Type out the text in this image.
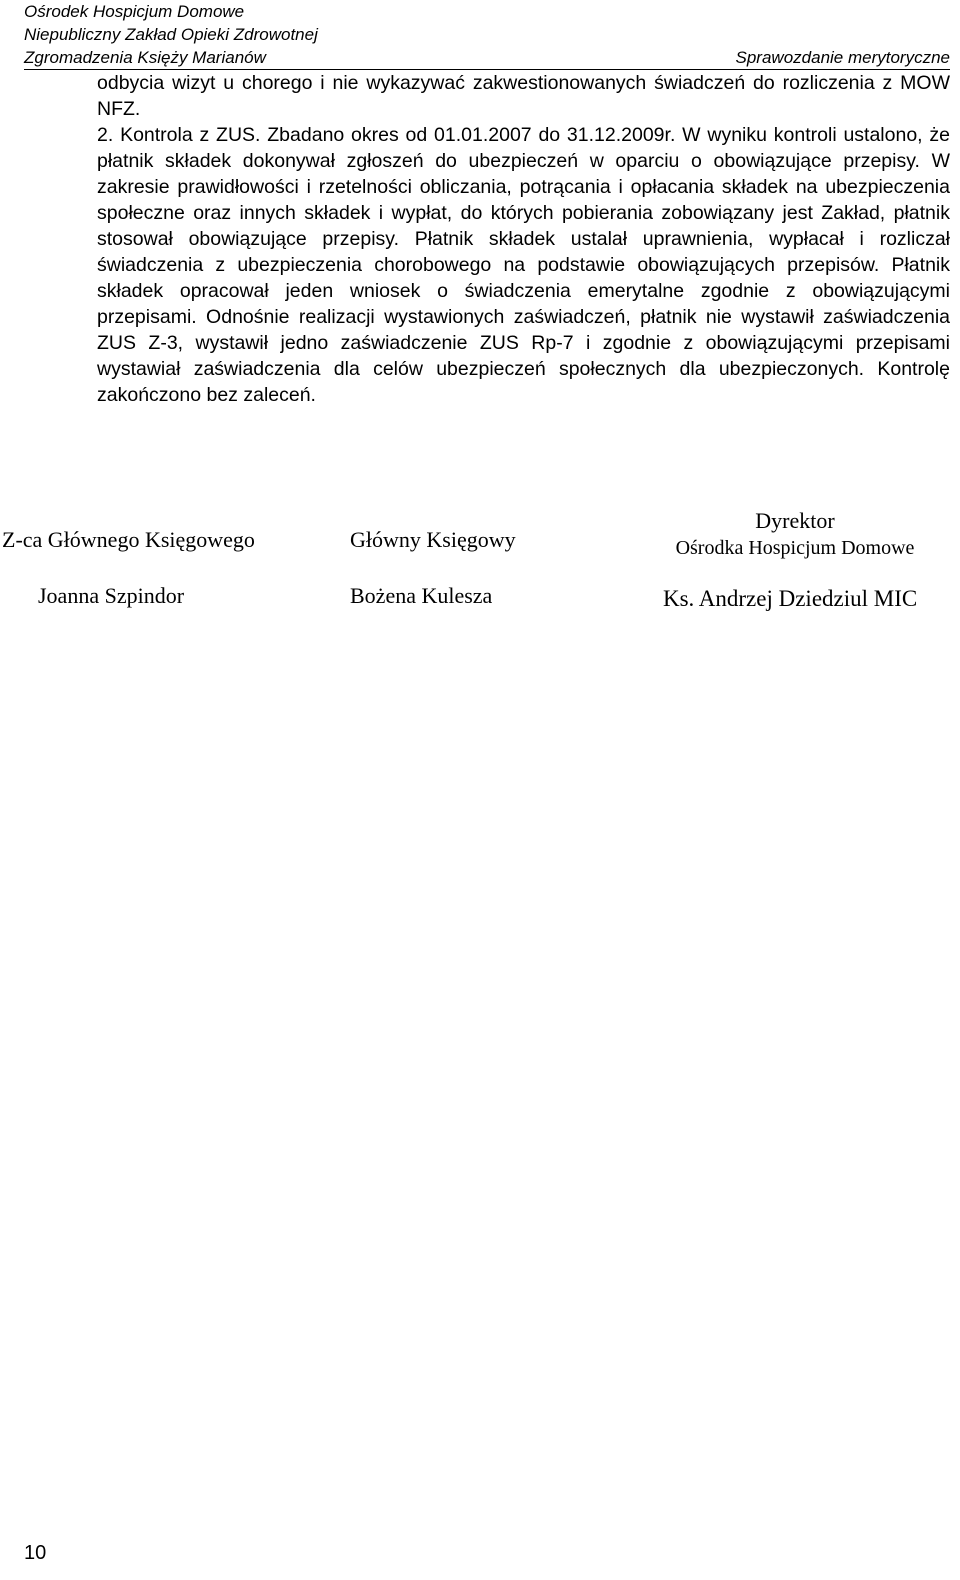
Ośrodek Hospicjum Domowe
Niepubliczny Zakład Opieki Zdrowotnej
Zgromadzenia Księży Marianów	Sprawozdanie merytoryczne

odbycia wizyt u chorego i nie wykazywać zakwestionowanych świadczeń do rozliczenia z MOW NFZ.

2. Kontrola z ZUS. Zbadano okres od 01.01.2007 do 31.12.2009r. W wyniku kontroli ustalono, że płatnik składek dokonywał zgłoszeń do ubezpieczeń w oparciu o obowiązujące przepisy. W zakresie prawidłowości i rzetelności obliczania, potrącania i opłacania składek na ubezpieczenia społeczne oraz innych składek i wypłat, do których pobierania zobowiązany jest Zakład, płatnik stosował obowiązujące przepisy. Płatnik składek ustalał uprawnienia, wypłacał i rozliczał świadczenia z ubezpieczenia chorobowego na podstawie obowiązujących przepisów. Płatnik składek opracował jeden wniosek o świadczenia emerytalne zgodnie z obowiązującymi przepisami. Odnośnie realizacji wystawionych zaświadczeń, płatnik nie wystawił zaświadczenia ZUS Z-3, wystawił jedno zaświadczenie ZUS Rp-7 i zgodnie z obowiązującymi przepisami wystawiał zaświadczenia dla celów ubezpieczeń społecznych dla ubezpieczonych. Kontrolę zakończono bez zaleceń.

Z-ca Głównego Księgowego
Joanna Szpindor
Główny Księgowy
Bożena Kulesza
Dyrektor
Ośrodka Hospicjum Domowe
Ks. Andrzej Dziedziul MIC
10
